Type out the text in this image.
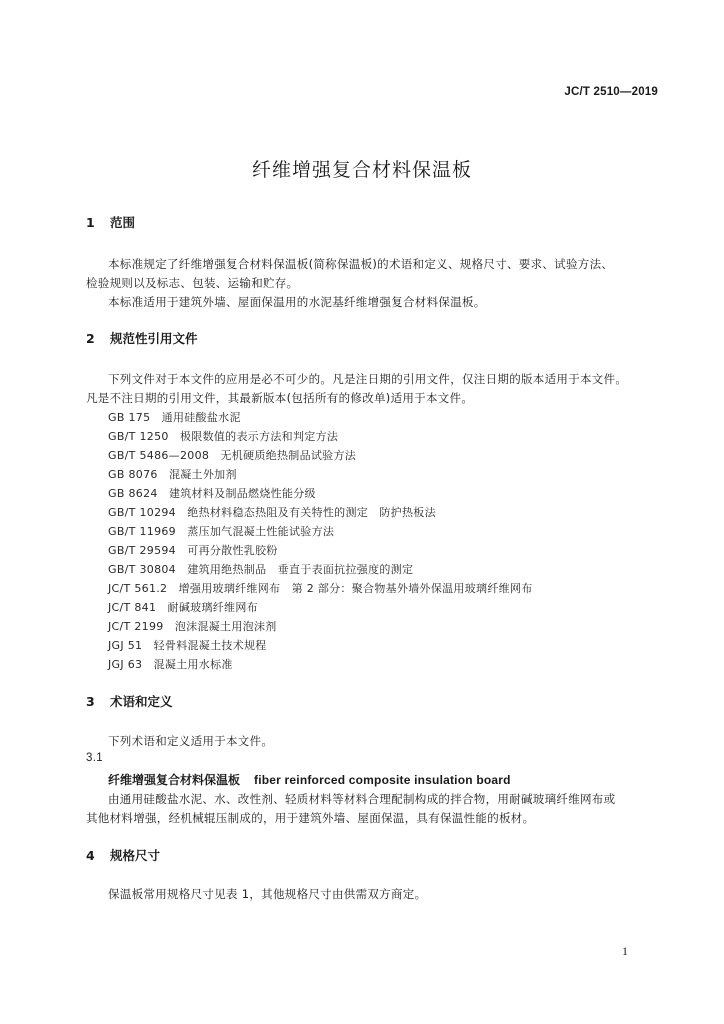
JC/T 2510—2019
纤维增强复合材料保温板
1 范围
本标准规定了纤维增强复合材料保温板(简称保温板)的术语和定义、规格尺寸、要求、试验方法、
检验规则以及标志、包装、运输和贮存。
本标准适用于建筑外墙、屋面保温用的水泥基纤维增强复合材料保温板。
2 规范性引用文件
下列文件对于本文件的应用是必不可少的。凡是注日期的引用文件，仅注日期的版本适用于本文件。
凡是不注日期的引用文件，其最新版本(包括所有的修改单)适用于本文件。
GB 175　通用硅酸盐水泥
GB/T 1250　极限数值的表示方法和判定方法
GB/T 5486—2008　无机硬质绝热制品试验方法
GB 8076　混凝土外加剂
GB 8624　建筑材料及制品燃烧性能分级
GB/T 10294　绝热材料稳态热阻及有关特性的测定　防护热板法
GB/T 11969　蒸压加气混凝土性能试验方法
GB/T 29594　可再分散性乳胶粉
GB/T 30804　建筑用绝热制品　垂直于表面抗拉强度的测定
JC/T 561.2　增强用玻璃纤维网布　第 2 部分：聚合物基外墙外保温用玻璃纤维网布
JC/T 841　耐碱玻璃纤维网布
JC/T 2199　泡沫混凝土用泡沫剂
JGJ 51　轻骨料混凝土技术规程
JGJ 63　混凝土用水标准
3 术语和定义
下列术语和定义适用于本文件。
3.1
纤维增强复合材料保温板 fiber reinforced composite insulation board
由通用硅酸盐水泥、水、改性剂、轻质材料等材料合理配制构成的拌合物，用耐碱玻璃纤维网布或
其他材料增强，经机械辊压制成的，用于建筑外墙、屋面保温，具有保温性能的板材。
4 规格尺寸
保温板常用规格尺寸见表 1，其他规格尺寸由供需双方商定。
1
